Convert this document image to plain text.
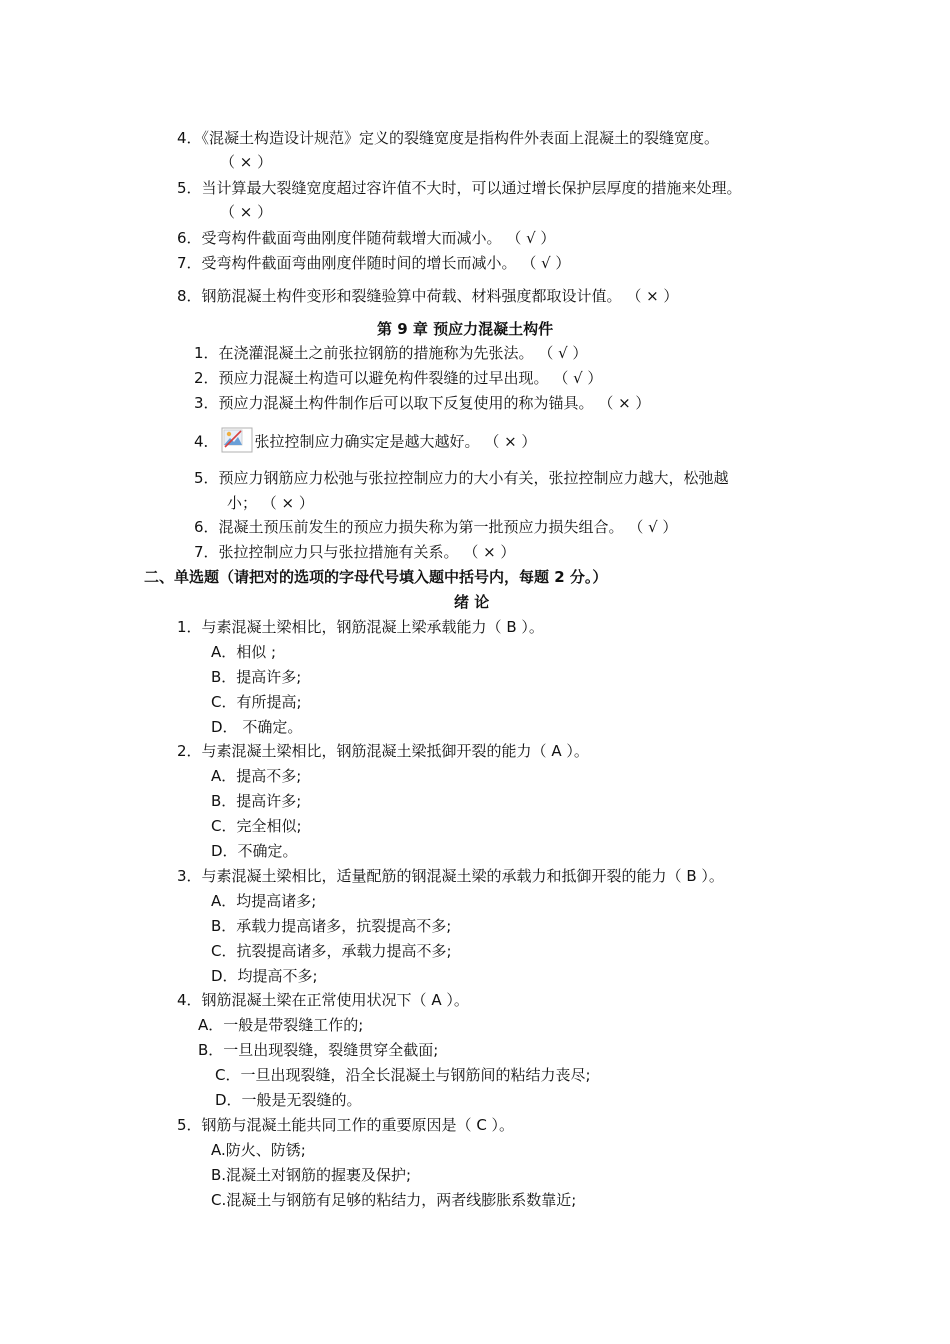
4．《混凝土构造设计规范》定义的裂缝宽度是指构件外表面上混凝土的裂缝宽度。
（ × ）
5．当计算最大裂缝宽度超过容许值不大时，可以通过增长保护层厚度的措施来处理。
（ × ）
6．受弯构件截面弯曲刚度伴随荷载增大而减小。 （ √ ）
7．受弯构件截面弯曲刚度伴随时间的增长而减小。 （ √ ）
8．钢筋混凝土构件变形和裂缝验算中荷载、材料强度都取设计值。 （ × ）
第 9 章 预应力混凝土构件
1．在浇灌混凝土之前张拉钢筋的措施称为先张法。 （ √ ）
2．预应力混凝土构造可以避免构件裂缝的过早出现。 （ √ ）
3．预应力混凝土构件制作后可以取下反复使用的称为锚具。 （ × ）
4． 张拉控制应力确实定是越大越好。 （ × ）
5．预应力钢筋应力松弛与张拉控制应力的大小有关，张拉控制应力越大，松弛越
小； （ × ）
6．混凝土预压前发生的预应力损失称为第一批预应力损失组合。 （ √ ）
7．张拉控制应力只与张拉措施有关系。 （ × ）
二、单选题（请把对的选项的字母代号填入题中括号内，每题 2 分。）
绪 论
1．与素混凝土梁相比，钢筋混凝上梁承载能力（ B ）。
A．相似 ;
B．提高许多;
C．有所提高;
D． 不确定。
2．与素混凝土梁相比，钢筋混凝土梁抵御开裂的能力（ A ）。
A．提高不多;
B．提高许多;
C．完全相似;
D．不确定。
3．与素混凝土梁相比，适量配筋的钢混凝土梁的承载力和抵御开裂的能力（ B ）。
A．均提高诸多;
B．承载力提高诸多，抗裂提高不多;
C．抗裂提高诸多，承载力提高不多;
D．均提高不多;
4．钢筋混凝土梁在正常使用状况下（ A ）。
A．一般是带裂缝工作的;
B．一旦出现裂缝，裂缝贯穿全截面;
C．一旦出现裂缝，沿全长混凝土与钢筋间的粘结力丧尽;
D．一般是无裂缝的。
5．钢筋与混凝土能共同工作的重要原因是（ C ）。
A.防火、防锈;
B.混凝土对钢筋的握裹及保护;
C.混凝土与钢筋有足够的粘结力，两者线膨胀系数靠近;
